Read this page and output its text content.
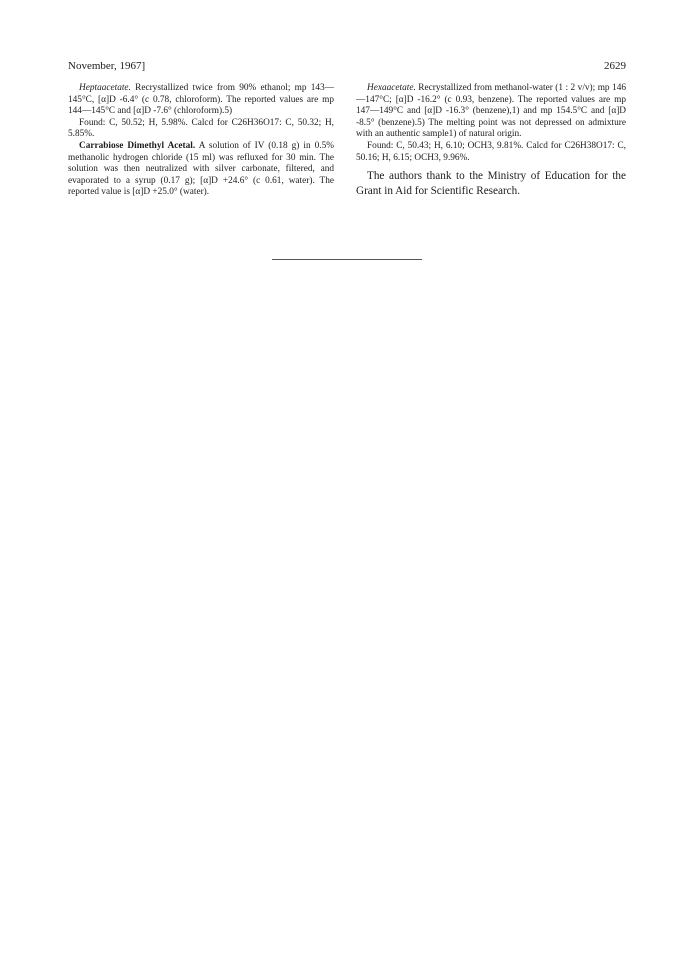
November, 1967]	2629

Heptaacetate. Recrystallized twice from 90% ethanol; mp 143—145°C, [α]D -6.4° (c 0.78, chloroform). The reported values are mp 144—145°C and [α]D -7.6° (chloroform).5)

Found: C, 50.52; H, 5.98%. Calcd for C26H36O17: C, 50.32; H, 5.85%.

Carrabiose Dimethyl Acetal. A solution of IV (0.18 g) in 0.5% methanolic hydrogen chloride (15 ml) was refluxed for 30 min. The solution was then neutralized with silver carbonate, filtered, and evaporated to a syrup (0.17 g); [α]D +24.6° (c 0.61, water). The reported value is [α]D +25.0° (water).

Hexaacetate. Recrystallized from methanol-water (1 : 2 v/v); mp 146—147°C; [α]D -16.2° (c 0.93, benzene). The reported values are mp 147—149°C and [α]D -16.3° (benzene),1) and mp 154.5°C and [α]D -8.5° (benzene).5) The melting point was not depressed on admixture with an authentic sample1) of natural origin.

Found: C, 50.43; H, 6.10; OCH3, 9.81%. Calcd for C26H38O17: C, 50.16; H, 6.15; OCH3, 9.96%.

The authors thank to the Ministry of Education for the Grant in Aid for Scientific Research.
